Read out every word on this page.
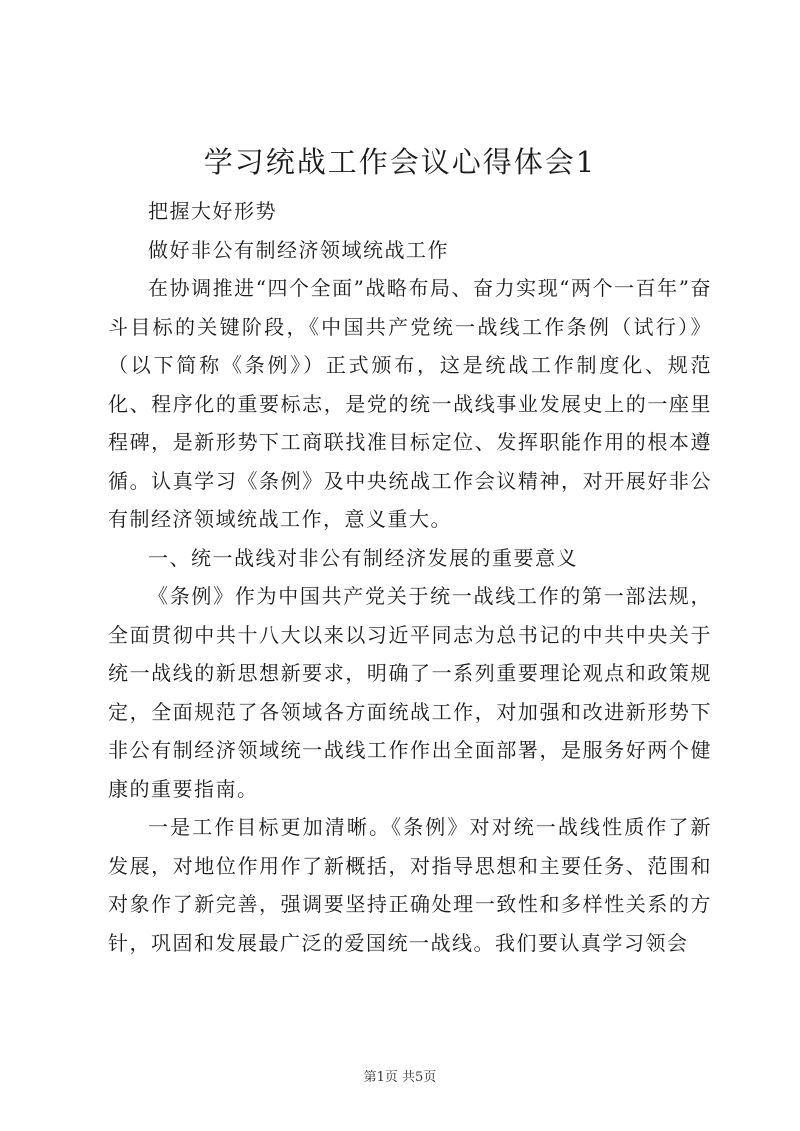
学习统战工作会议心得体会1

把握大好形势

做好非公有制经济领域统战工作

在协调推进“四个全面”战略布局、奋力实现“两个一百年”奋斗目标的关键阶段，《中国共产党统一战线工作条例（试行）》（以下简称《条例》）正式颁布，这是统战工作制度化、规范化、程序化的重要标志，是党的统一战线事业发展史上的一座里程碑，是新形势下工商联找准目标定位、发挥职能作用的根本遵循。认真学习《条例》及中央统战工作会议精神，对开展好非公有制经济领域统战工作，意义重大。

一、统一战线对非公有制经济发展的重要意义

《条例》作为中国共产党关于统一战线工作的第一部法规，全面贯彻中共十八大以来以习近平同志为总书记的中共中央关于统一战线的新思想新要求，明确了一系列重要理论观点和政策规定，全面规范了各领域各方面统战工作，对加强和改进新形势下非公有制经济领域统一战线工作作出全面部署，是服务好两个健康的重要指南。

一是工作目标更加清晰。《条例》对对统一战线性质作了新发展，对地位作用作了新概括，对指导思想和主要任务、范围和对象作了新完善，强调要坚持正确处理一致性和多样性关系的方针，巩固和发展最广泛的爱国统一战线。我们要认真学习领会

第1页 共5页
